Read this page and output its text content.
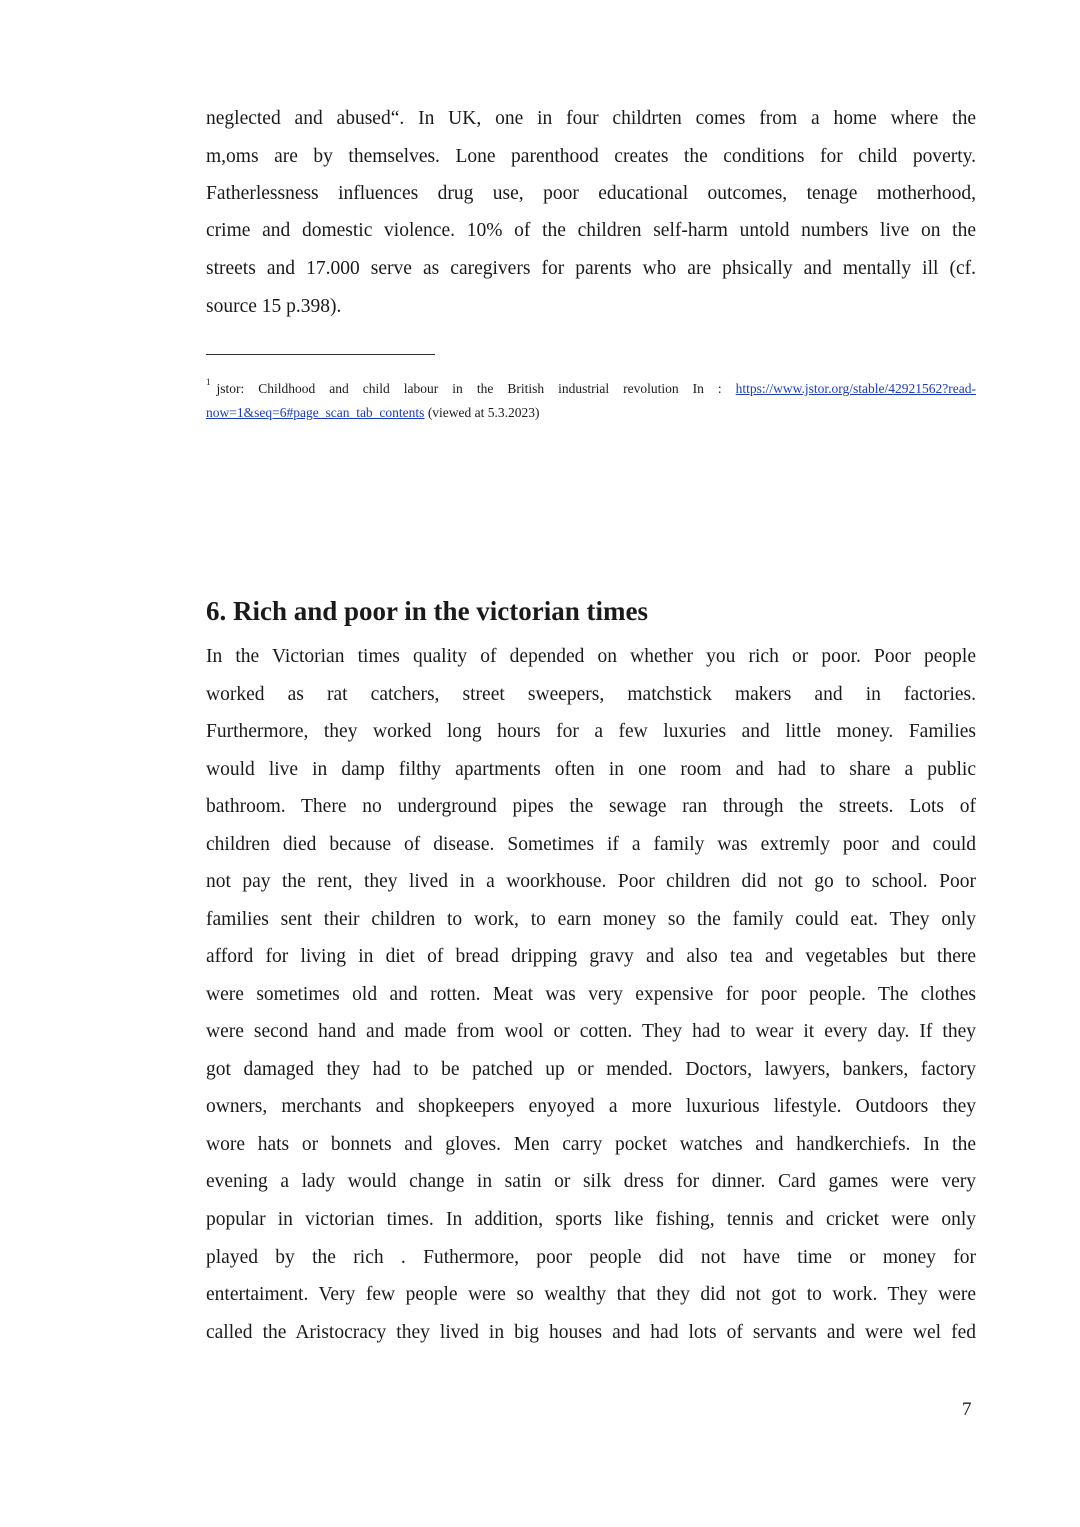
neglected and abused“. In UK, one in four childrten comes from a home where the
m,oms are by themselves. Lone parenthood creates the conditions for child poverty.
Fatherlessness influences drug use, poor educational outcomes, tenage motherhood,
crime and domestic violence. 10% of the children self-harm untold numbers live on the
streets and 17.000 serve as caregivers for parents who are phsically and mentally ill (cf.
source 15 p.398).
$^1$ jstor: Childhood and child labour in the British industrial revolution In : https://www.jstor.org/stable/42921562?read-
now=1&seq=6#page_scan_tab_contents (viewed at 5.3.2023)
6. Rich and poor in the victorian times
In the Victorian times quality of depended on whether you rich or poor. Poor people
worked as rat catchers, street sweepers, matchstick makers and in factories.
Furthermore, they worked long hours for a few luxuries and little money. Families
would live in damp filthy apartments often in one room and had to share a public
bathroom. There no underground pipes the sewage ran through the streets. Lots of
children died because of disease. Sometimes if a family was extremly poor and could
not pay the rent, they lived in a woorkhouse. Poor children did not go to school. Poor
families sent their children to work, to earn money so the family could eat. They only
afford for living in diet of bread dripping gravy and also tea and vegetables but there
were sometimes old and rotten. Meat was very expensive for poor people. The clothes
were second hand and made from wool or cotten. They had to wear it every day. If they
got damaged they had to be patched up or mended. Doctors, lawyers, bankers, factory
owners, merchants and shopkeepers enyoyed a more luxurious lifestyle. Outdoors they
wore hats or bonnets and gloves. Men carry pocket watches and handkerchiefs. In the
evening a lady would change in satin or silk dress for dinner. Card games were very
popular in victorian times. In addition, sports like fishing, tennis and cricket were only
played by the rich . Futhermore, poor people did not have time or money for
entertaiment. Very few people were so wealthy that they did not got to work. They were
called the Aristocracy they lived in big houses and had lots of servants and were wel fed
7
